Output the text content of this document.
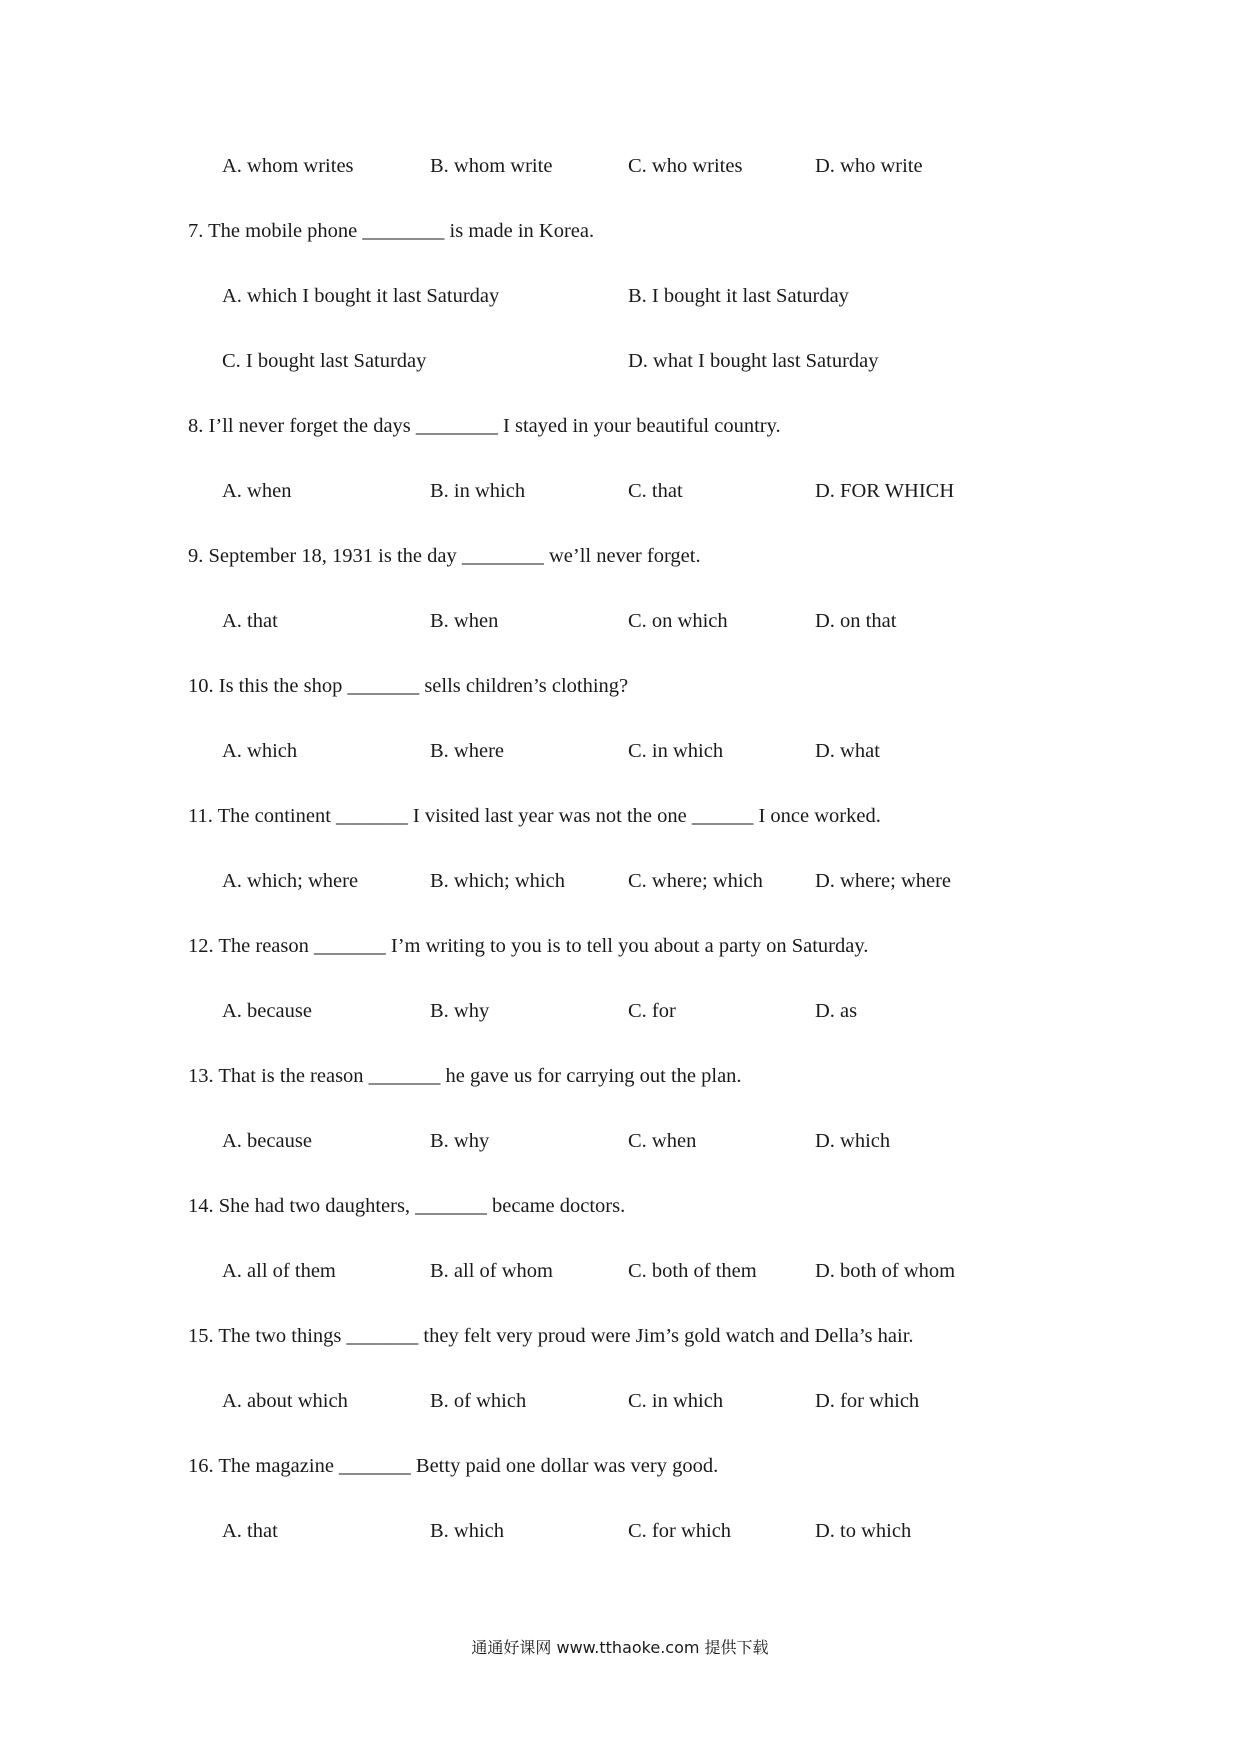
A. whom writes	B. whom write	C. who writes	D. who write
7. The mobile phone ________ is made in Korea.
A. which I bought it last Saturday	B. I bought it last Saturday
C. I bought last Saturday	D. what I bought last Saturday
8. I’ll never forget the days ________ I stayed in your beautiful country.
A. when	B. in which	C. that	D. FOR WHICH
9. September 18, 1931 is the day ________ we’ll never forget.
A. that	B. when	C. on which	D. on that
10. Is this the shop _______ sells children’s clothing?
A. which	B. where	C. in which	D. what
11. The continent _______ I visited last year was not the one ______ I once worked.
A. which; where	B. which; which	C. where; which	D. where; where
12. The reason _______ I’m writing to you is to tell you about a party on Saturday.
A. because	B. why	C. for	D. as
13. That is the reason _______ he gave us for carrying out the plan.
A. because	B. why	C. when	D. which
14. She had two daughters, _______ became doctors.
A. all of them	B. all of whom	C. both of them	D. both of whom
15. The two things _______ they felt very proud were Jim’s gold watch and Della’s hair.
A. about which	B. of which	C. in which	D. for which
16. The magazine _______ Betty paid one dollar was very good.
A. that	B. which	C. for which	D. to which
通通好课网 www.tthaoke.com 提供下载
